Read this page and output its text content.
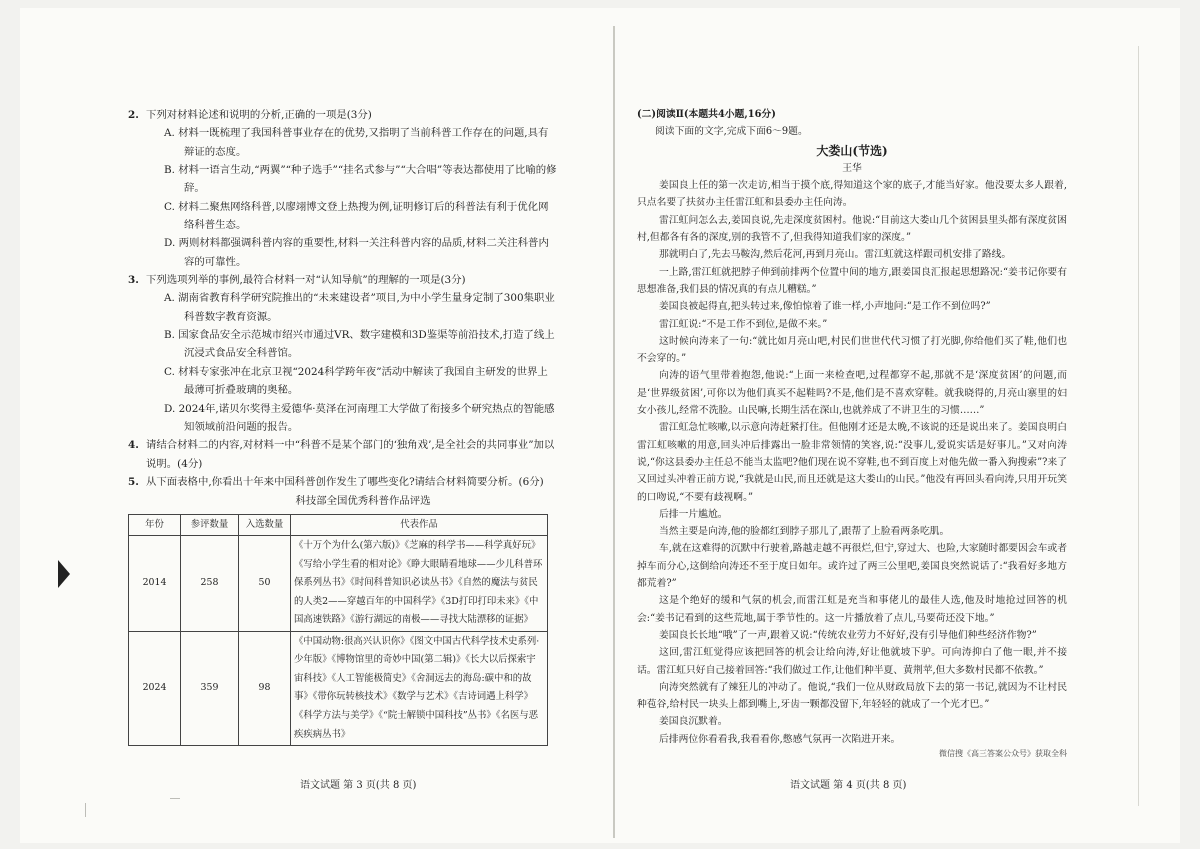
2. 下列对材料论述和说明的分析,正确的一项是(3分)
A. 材料一既梳理了我国科普事业存在的优势,又指明了当前科普工作存在的问题,具有辩证的态度。
B. 材料一语言生动,“两翼”“种子选手”“挂名式参与”“大合唱”等表达都使用了比喻的修辞。
C. 材料二聚焦网络科普,以廖翊博文登上热搜为例,证明修订后的科普法有利于优化网络科普生态。
D. 两则材料都强调科普内容的重要性,材料一关注科普内容的品质,材料二关注科普内容的可靠性。
3. 下列选项列举的事例,最符合材料一对“认知导航”的理解的一项是(3分)
A. 湖南省教育科学研究院推出的“未来建设者”项目,为中小学生量身定制了300集职业科普数字教育资源。
B. 国家食品安全示范城市绍兴市通过VR、数字建模和3D鉴渠等前沿技术,打造了线上沉浸式食品安全科普馆。
C. 材料专家张冲在北京卫视“2024科学跨年夜”活动中解读了我国自主研发的世界上最薄可折叠玻璃的奥秘。
D. 2024年,诺贝尔奖得主爱德华·莫泽在河南理工大学做了衔接多个研究热点的智能感知领域前沿问题的报告。
4. 请结合材料二的内容,对材料一中“科普不是某个部门的‘独角戏’,是全社会的共同事业”加以说明。(4分)
5. 从下面表格中,你看出十年来中国科普创作发生了哪些变化?请结合材料简要分析。(6分)
科技部全国优秀科普作品评选
年份	参评数量	入选数量	代表作品
2014	258	50	《十万个为什么(第六版)》《芝麻的科学书——科学真好玩》《写给小学生看的相对论》《睁大眼睛看地球——少儿科普环保系列丛书》《时间科普知识必读丛书》《自然的魔法与贫民的人类2——穿越百年的中国科学》《3D打印打印未来》《中国高速铁路》《游行湖远的南极——寻找大陆漂移的证据》
2024	359	98	《中国动物:很高兴认识你》《图文中国古代科学技术史系列·少年版》《博物馆里的奇妙中国(第二辑)》《长大以后探索宇宙科技》《人工智能极简史》《舍洞远去的海岛:碳中和的故事》《带你玩转核技术》《数学与艺术》《吉诗词遇上科学》《科学方法与美学》《“院士解锁中国科技”丛书》《名医与恶疾疾病丛书》
语文试题 第 3 页(共 8 页)
(二)阅读Ⅱ(本题共4小题,16分)
阅读下面的文字,完成下面6～9题。
大娄山(节选)
王华
姜国良上任的第一次走访,相当于摸个底,得知道这个家的底子,才能当好家。他没要太多人跟着,只点名要了扶贫办主任雷江虹和县委办主任向涛。
雷江虹问怎么去,姜国良说,先走深度贫困村。他说:“目前这大娄山几个贫困县里头都有深度贫困村,但都各有各的深度,别的我管不了,但我得知道我们家的深度。”
那就明白了,先去马鞍沟,然后花河,再到月亮山。雷江虹就这样跟司机安排了路线。
一上路,雷江虹就把脖子伸到前排两个位置中间的地方,跟姜国良汇报起思想路况:“姜书记你要有思想准备,我们县的情况真的有点儿糟糕。”
姜国良被起得直,把头转过来,像怕惊着了谁一样,小声地问:“是工作不到位吗?”
雷江虹说:“不是工作不到位,是做不来。”
这时候向涛来了一句:“就比如月亮山吧,村民们世世代代习惯了打光脚,你给他们买了鞋,他们也不会穿的。”
向涛的语气里带着抱怨,他说:“上面一来检查吧,过程都穿不起,那就不是‘深度贫困’的问题,而是‘世界级贫困’,可你以为他们真买不起鞋吗?不是,他们是不喜欢穿鞋。就我晓得的,月亮山寨里的妇女小孩儿,经常不洗脸。山民嘛,长期生活在深山,也就养成了不讲卫生的习惯……”
雷江虹急忙咳嗽,以示意向涛赶紧打住。但他刚才还是太晚,不该说的还是说出来了。姜国良明白雷江虹咳嗽的用意,回头冲后排露出一脸非常领情的笑容,说:“没事儿,爱说实话是好事儿。”又对向涛说,“你这县委办主任总不能当太监吧?他们现在说不穿鞋,也不到百度上对他先做一番入狗搜索”?来了又回过头冲着正前方说,“我就是山民,而且还就是这大娄山的山民。”他没有再回头看向涛,只用开玩笑的口吻说,“不要有歧视啊。”
后排一片尴尬。
当然主要是向涛,他的脸都红到脖子那儿了,跟帮了上脸看两条吃肌。
车,就在这难得的沉默中行驶着,路越走越不再很烂,但宁,穿过大、也险,大家随时都要因会车或者掉车而分心,这倒给向涛还不至于度日如年。或许过了两三公里吧,姜国良突然说话了:“我看好多地方都荒着?”
这是个绝好的缓和气氛的机会,而雷江虹是充当和事佬儿的最佳人选,他及时地抢过回答的机会:“姜书记看到的这些荒地,属于季节性的。这一片播放着了点儿,马要荷还没下地。”
姜国良长长地“哦”了一声,跟着又说:“传统农业劳力不好好,没有引导他们种些经济作物?”
这回,雷江虹觉得应该把回答的机会让给向涛,好让他就坡下驴。可向涛抑白了他一眼,并不接话。雷江虹只好自己接着回答:“我们做过工作,让他们种半夏、黄荆苹,但大多数村民都不依教。”
向涛突然就有了辣狂儿的冲动了。他说,“我们一位从财政局放下去的第一书记,就因为不让村民种苞谷,给村民一块头上都到嘴上,牙齿一颗都没留下,年轻轻的就成了一个光才巴。”
姜国良沉默着。
后排两位你看看我,我看看你,憋感气氛再一次陷进开来。
微信搜《高三答案公众号》获取全科
语文试题 第 4 页(共 8 页)
